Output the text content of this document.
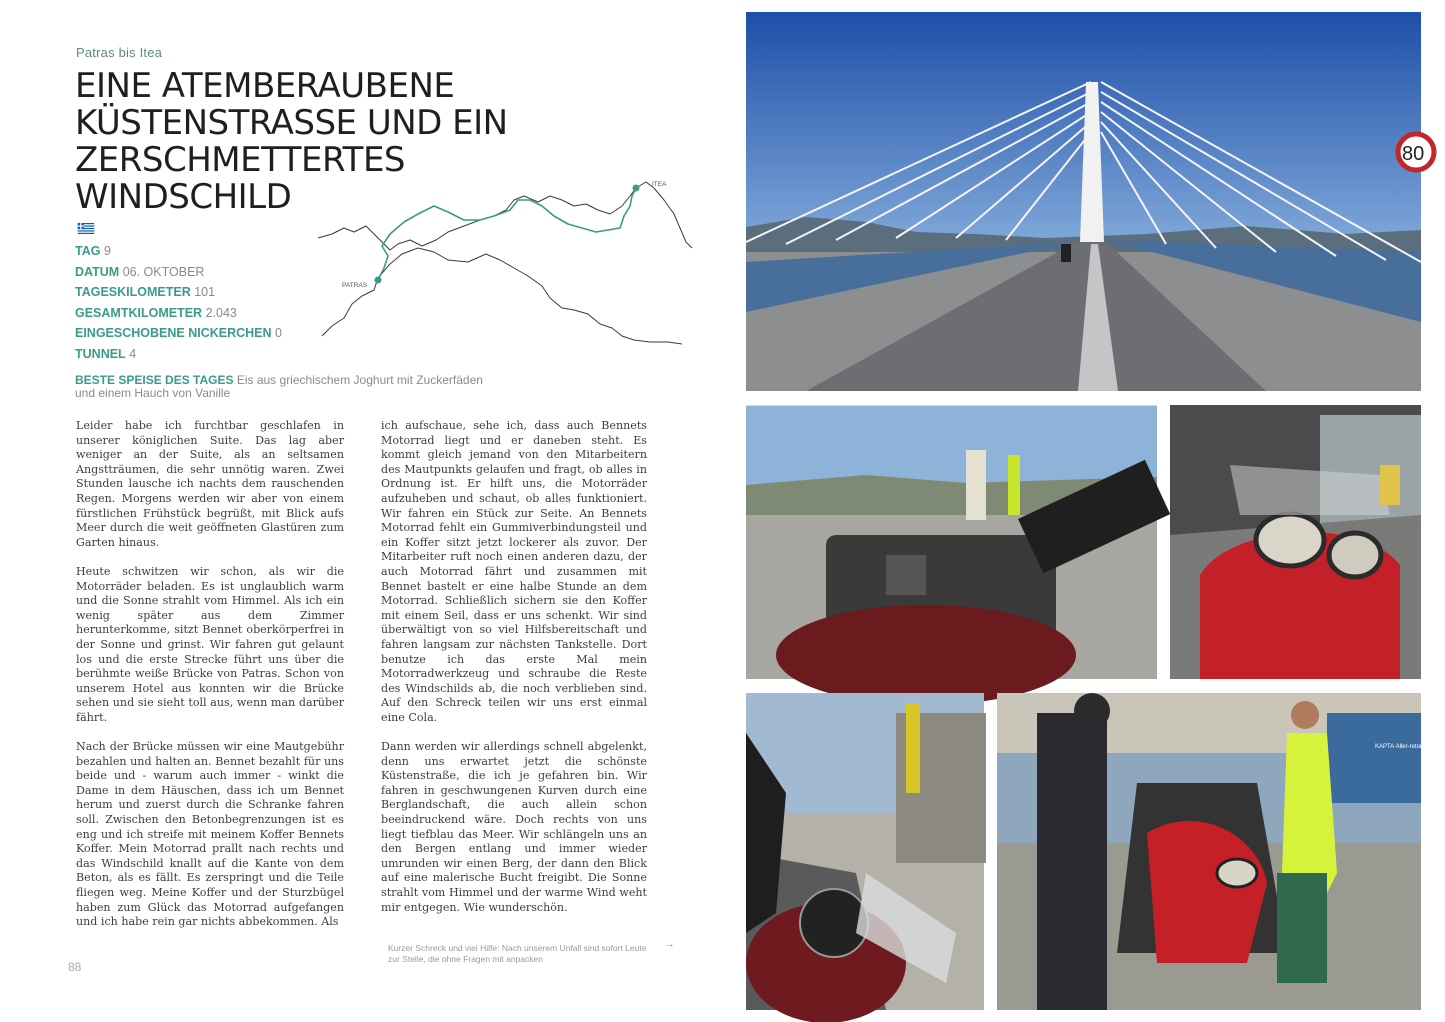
Patras bis Itea
EINE ATEMBERAUBENE KÜSTENSTRASSE UND EIN ZERSCHMETTERTES WINDSCHILD
TAG 9
DATUM 06. OKTOBER
TAGESKILOMETER 101
GESAMTKILOMETER 2.043
EINGESCHOBENE NICKERCHEN 0
TUNNEL 4
BESTE SPEISE DES TAGES Eis aus griechischem Joghurt mit Zuckerfäden und einem Hauch von Vanille
PATRAS
ITEA

Leider habe ich furchtbar geschlafen in unserer königlichen Suite. Das lag aber weniger an der Suite, als an seltsamen Angstträumen, die sehr unnötig waren. Zwei Stunden lausche ich nachts dem rauschenden Regen. Morgens werden wir aber von einem fürstlichen Frühstück begrüßt, mit Blick aufs Meer durch die weit geöffneten Glastüren zum Garten hinaus.

Heute schwitzen wir schon, als wir die Motorräder beladen. Es ist unglaublich warm und die Sonne strahlt vom Himmel. Als ich ein wenig später aus dem Zimmer herunterkomme, sitzt Bennet oberkörperfrei in der Sonne und grinst. Wir fahren gut gelaunt los und die erste Strecke führt uns über die berühmte weiße Brücke von Patras. Schon von unserem Hotel aus konnten wir die Brücke sehen und sie sieht toll aus, wenn man darüber fährt.

Nach der Brücke müssen wir eine Mautgebühr bezahlen und halten an. Bennet bezahlt für uns beide und - warum auch immer - winkt die Dame in dem Häuschen, dass ich um Bennet herum und zuerst durch die Schranke fahren soll. Zwischen den Betonbegrenzungen ist es eng und ich streife mit meinem Koffer Bennets Koffer. Mein Motorrad prallt nach rechts und das Windschild knallt auf die Kante von dem Beton, als es fällt. Es zerspringt und die Teile fliegen weg. Meine Koffer und der Sturzbügel haben zum Glück das Motorrad aufgefangen und ich habe rein gar nichts abbekommen. Als

ich aufschaue, sehe ich, dass auch Bennets Motorrad liegt und er daneben steht. Es kommt gleich jemand von den Mitarbeitern des Mautpunkts gelaufen und fragt, ob alles in Ordnung ist. Er hilft uns, die Motorräder aufzuheben und schaut, ob alles funktioniert. Wir fahren ein Stück zur Seite. An Bennets Motorrad fehlt ein Gummiverbindungsteil und ein Koffer sitzt jetzt lockerer als zuvor. Der Mitarbeiter ruft noch einen anderen dazu, der auch Motorrad fährt und zusammen mit Bennet bastelt er eine halbe Stunde an dem Motorrad. Schließlich sichern sie den Koffer mit einem Seil, dass er uns schenkt. Wir sind überwältigt von so viel Hilfsbereitschaft und fahren langsam zur nächsten Tankstelle. Dort benutze ich das erste Mal mein Motorradwerkzeug und schraube die Reste des Windschilds ab, die noch verblieben sind. Auf den Schreck teilen wir uns erst einmal eine Cola.

Dann werden wir allerdings schnell abgelenkt, denn uns erwartet jetzt die schönste Küstenstraße, die ich je gefahren bin. Wir fahren in geschwungenen Kurven durch eine Berglandschaft, die auch allein schon beeindruckend wäre. Doch rechts von uns liegt tiefblau das Meer. Wir schlängeln uns an den Bergen entlang und immer wieder umrunden wir einen Berg, der dann den Blick auf eine malerische Bucht freigibt. Die Sonne strahlt vom Himmel und der warme Wind weht mir entgegen. Wie wunderschön.

Kurzer Schreck und viel Hilfe: Nach unserem Unfall sind sofort Leute zur Stelle, die ohne Fragen mit anpacken
→
88
80
ΚΑΡΤΑ Aller-retour
